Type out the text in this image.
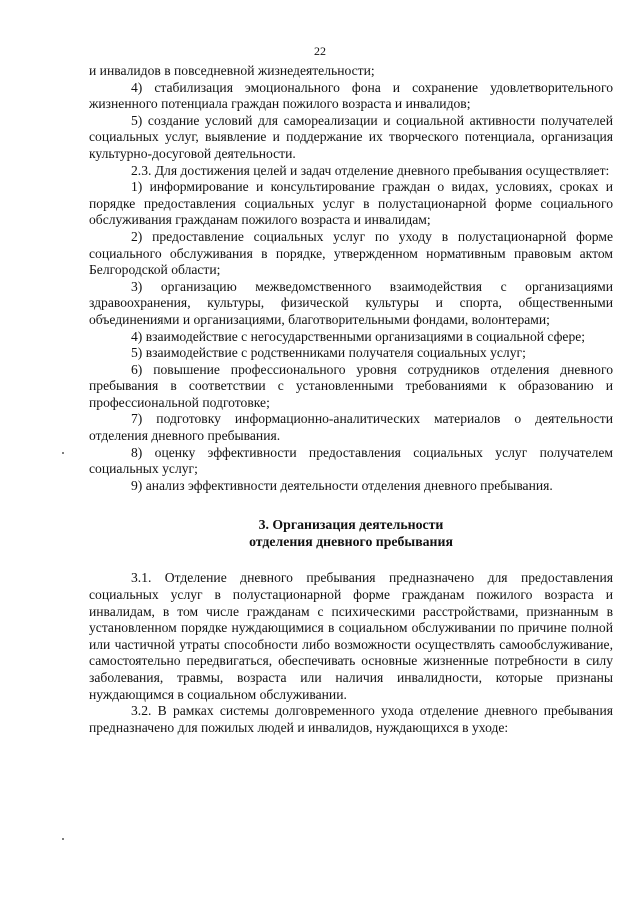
22

и инвалидов в повседневной жизнедеятельности;

4) стабилизация эмоционального фона и сохранение удовлетворительного жизненного потенциала граждан пожилого возраста и инвалидов;

5) создание условий для самореализации и социальной активности получателей социальных услуг, выявление и поддержание их творческого потенциала, организация культурно-досуговой деятельности.

2.3. Для достижения целей и задач отделение дневного пребывания осуществляет:

1) информирование и консультирование граждан о видах, условиях, сроках и порядке предоставления социальных услуг в полустационарной форме социального обслуживания гражданам пожилого возраста и инвалидам;

2) предоставление социальных услуг по уходу в полустационарной форме социального обслуживания в порядке, утвержденном нормативным правовым актом Белгородской области;

3) организацию межведомственного взаимодействия с организациями здравоохранения, культуры, физической культуры и спорта, общественными объединениями и организациями, благотворительными фондами, волонтерами;

4) взаимодействие с негосударственными организациями в социальной сфере;

5) взаимодействие с родственниками получателя социальных услуг;

6) повышение профессионального уровня сотрудников отделения дневного пребывания в соответствии с установленными требованиями к образованию и профессиональной подготовке;

7) подготовку информационно-аналитических материалов о деятельности отделения дневного пребывания.

8) оценку эффективности предоставления социальных услуг получателем социальных услуг;

9) анализ эффективности деятельности отделения дневного пребывания.

3. Организация деятельности
отделения дневного пребывания

3.1. Отделение дневного пребывания предназначено для предоставления социальных услуг в полустационарной форме гражданам пожилого возраста и инвалидам, в том числе гражданам с психическими расстройствами, признанным в установленном порядке нуждающимися в социальном обслуживании по причине полной или частичной утраты способности либо возможности осуществлять самообслуживание, самостоятельно передвигаться, обеспечивать основные жизненные потребности в силу заболевания, травмы, возраста или наличия инвалидности, которые признаны нуждающимся в социальном обслуживании.

3.2. В рамках системы долговременного ухода отделение дневного пребывания предназначено для пожилых людей и инвалидов, нуждающихся в уходе:
